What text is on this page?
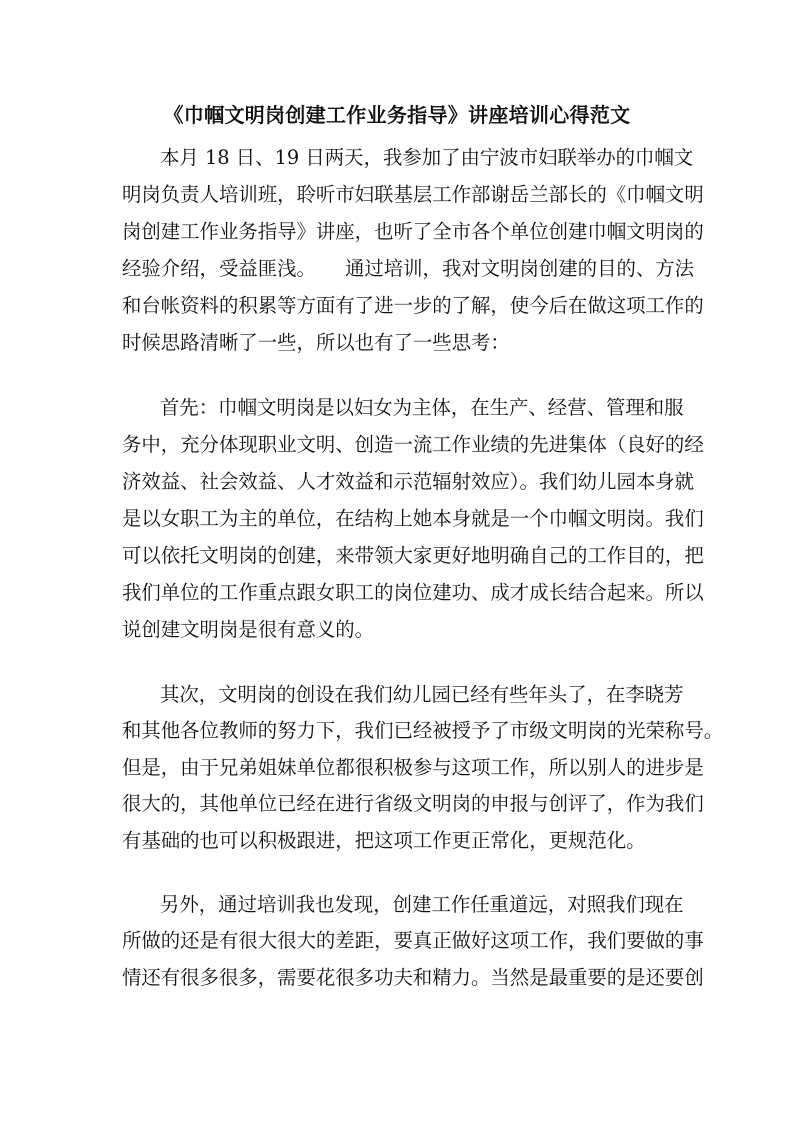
《巾帼文明岗创建工作业务指导》讲座培训心得范文
本月 18 日、19 日两天，我参加了由宁波市妇联举办的巾帼文
明岗负责人培训班，聆听市妇联基层工作部谢岳兰部长的《巾帼文明
岗创建工作业务指导》讲座，也听了全市各个单位创建巾帼文明岗的
经验介绍，受益匪浅。　　通过培训，我对文明岗创建的目的、方法
和台帐资料的积累等方面有了进一步的了解，使今后在做这项工作的
时候思路清晰了一些，所以也有了一些思考：
首先：巾帼文明岗是以妇女为主体，在生产、经营、管理和服
务中，充分体现职业文明、创造一流工作业绩的先进集体（良好的经
济效益、社会效益、人才效益和示范辐射效应）。我们幼儿园本身就
是以女职工为主的单位，在结构上她本身就是一个巾帼文明岗。我们
可以依托文明岗的创建，来带领大家更好地明确自己的工作目的，把
我们单位的工作重点跟女职工的岗位建功、成才成长结合起来。所以
说创建文明岗是很有意义的。
其次，文明岗的创设在我们幼儿园已经有些年头了，在李晓芳
和其他各位教师的努力下，我们已经被授予了市级文明岗的光荣称号。
但是，由于兄弟姐妹单位都很积极参与这项工作，所以别人的进步是
很大的，其他单位已经在进行省级文明岗的申报与创评了，作为我们
有基础的也可以积极跟进，把这项工作更正常化，更规范化。
另外，通过培训我也发现，创建工作任重道远，对照我们现在
所做的还是有很大很大的差距，要真正做好这项工作，我们要做的事
情还有很多很多，需要花很多功夫和精力。当然是最重要的是还要创
